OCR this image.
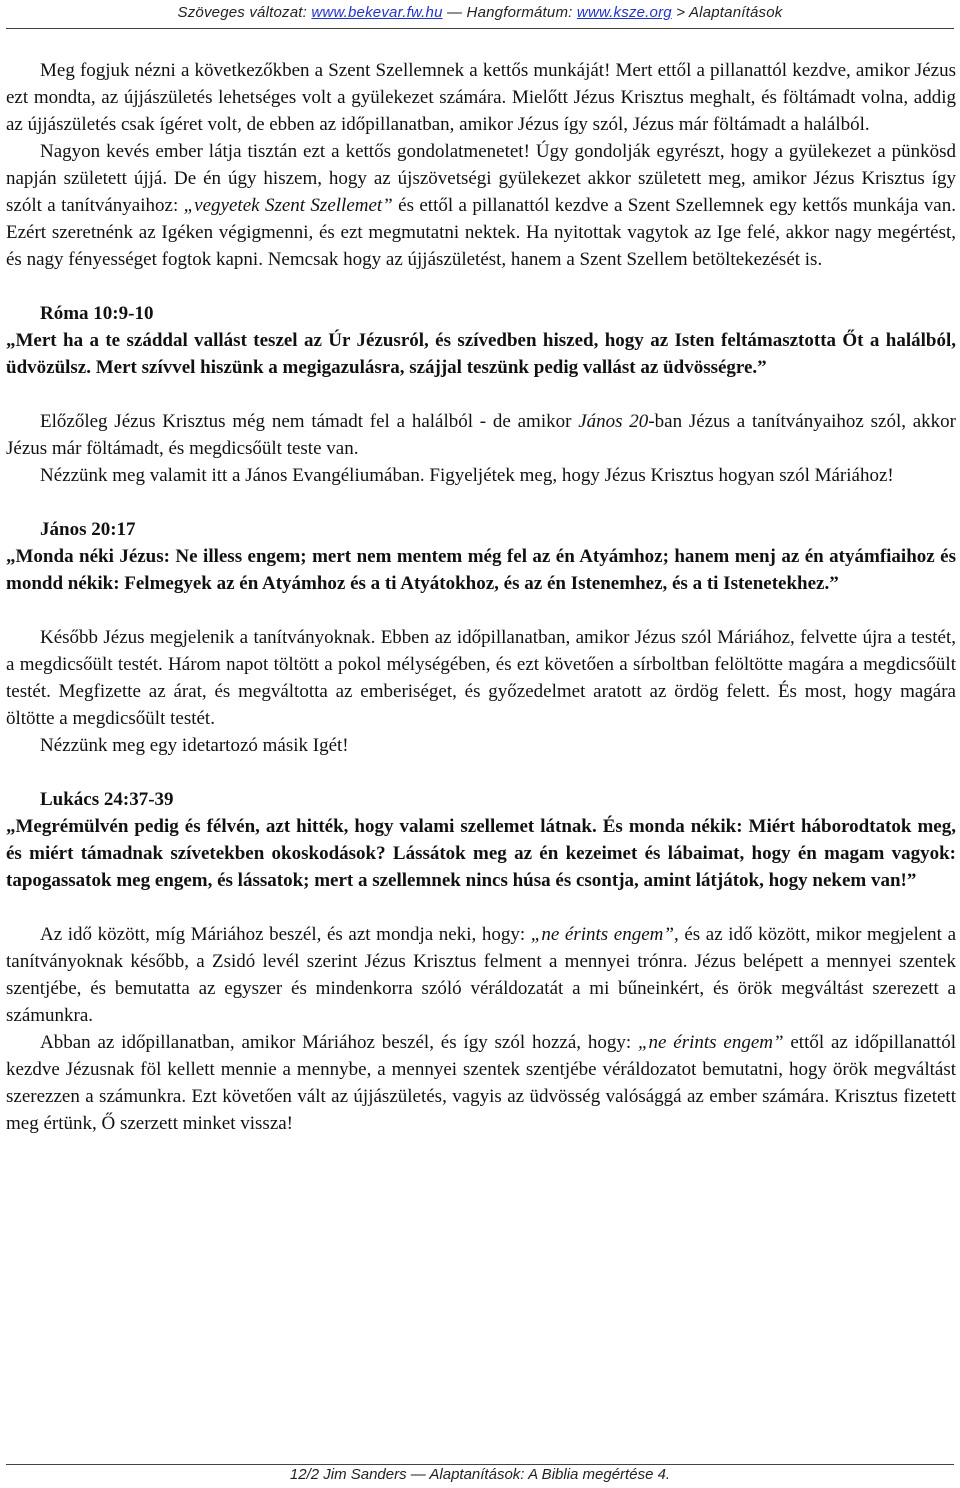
Szöveges változat: www.bekevar.fw.hu — Hangformátum: www.ksze.org > Alaptanítások

Meg fogjuk nézni a következőkben a Szent Szellemnek a kettős munkáját! Mert ettől a pillanattól kezdve, amikor Jézus ezt mondta, az újjászületés lehetséges volt a gyülekezet számára. Mielőtt Jézus Krisztus meghalt, és föltámadt volna, addig az újjászületés csak ígéret volt, de ebben az időpillanatban, amikor Jézus így szól, Jézus már föltámadt a halálból.

Nagyon kevés ember látja tisztán ezt a kettős gondolatmenetet! Úgy gondolják egyrészt, hogy a gyülekezet a pünkösd napján született újjá. De én úgy hiszem, hogy az újszövetségi gyülekezet akkor született meg, amikor Jézus Krisztus így szólt a tanítványaihoz: „vegyetek Szent Szellemet” és ettől a pillanattól kezdve a Szent Szellemnek egy kettős munkája van. Ezért szeretnénk az Igéken végigmenni, és ezt megmutatni nektek. Ha nyitottak vagytok az Ige felé, akkor nagy megértést, és nagy fényességet fogtok kapni. Nemcsak hogy az újjászületést, hanem a Szent Szellem betöltekezését is.

Róma 10:9-10

„Mert ha a te száddal vallást teszel az Úr Jézusról, és szívedben hiszed, hogy az Isten feltámasztotta Őt a halálból, üdvözülsz. Mert szívvel hiszünk a megigazulásra, szájjal teszünk pedig vallást az üdvösségre.”

Előzőleg Jézus Krisztus még nem támadt fel a halálból - de amikor János 20-ban Jézus a tanítványaihoz szól, akkor Jézus már föltámadt, és megdicsőült teste van.

Nézzünk meg valamit itt a János Evangéliumában. Figyeljétek meg, hogy Jézus Krisztus hogyan szól Máriához!

János 20:17

„Monda néki Jézus: Ne illess engem; mert nem mentem még fel az én Atyámhoz; hanem menj az én atyámfiaihoz és mondd nékik: Felmegyek az én Atyámhoz és a ti Atyátokhoz, és az én Istenemhez, és a ti Istenetekhez.”

Később Jézus megjelenik a tanítványoknak. Ebben az időpillanatban, amikor Jézus szól Máriához, felvette újra a testét, a megdicsőült testét. Három napot töltött a pokol mélységében, és ezt követően a sírboltban felöltötte magára a megdicsőült testét. Megfizette az árat, és megváltotta az emberiséget, és győzedelmet aratott az ördög felett. És most, hogy magára öltötte a megdicsőült testét.

Nézzünk meg egy idetartozó másik Igét!

Lukács 24:37-39

„Megrémülvén pedig és félvén, azt hitték, hogy valami szellemet látnak. És monda nékik: Miért háborodtatok meg, és miért támadnak szívetekben okoskodások? Lássátok meg az én kezeimet és lábaimat, hogy én magam vagyok: tapogassatok meg engem, és lássatok; mert a szellemnek nincs húsa és csontja, amint látjátok, hogy nekem van!”

Az idő között, míg Máriához beszél, és azt mondja neki, hogy: „ne érints engem”, és az idő között, mikor megjelent a tanítványoknak később, a Zsidó levél szerint Jézus Krisztus felment a mennyei trónra. Jézus belépett a mennyei szentek szentjébe, és bemutatta az egyszer és mindenkorra szóló véráldozatát a mi bűneinkért, és örök megváltást szerezett a számunkra.

Abban az időpillanatban, amikor Máriához beszél, és így szól hozzá, hogy: „ne érints engem” ettől az időpillanattól kezdve Jézusnak föl kellett mennie a mennybe, a mennyei szentek szentjébe véráldozatot bemutatni, hogy örök megváltást szerezzen a számunkra. Ezt követően vált az újjászületés, vagyis az üdvösség valósággá az ember számára. Krisztus fizetett meg értünk, Ő szerzett minket vissza!

12/2 Jim Sanders — Alaptanítások: A Biblia megértése 4.
